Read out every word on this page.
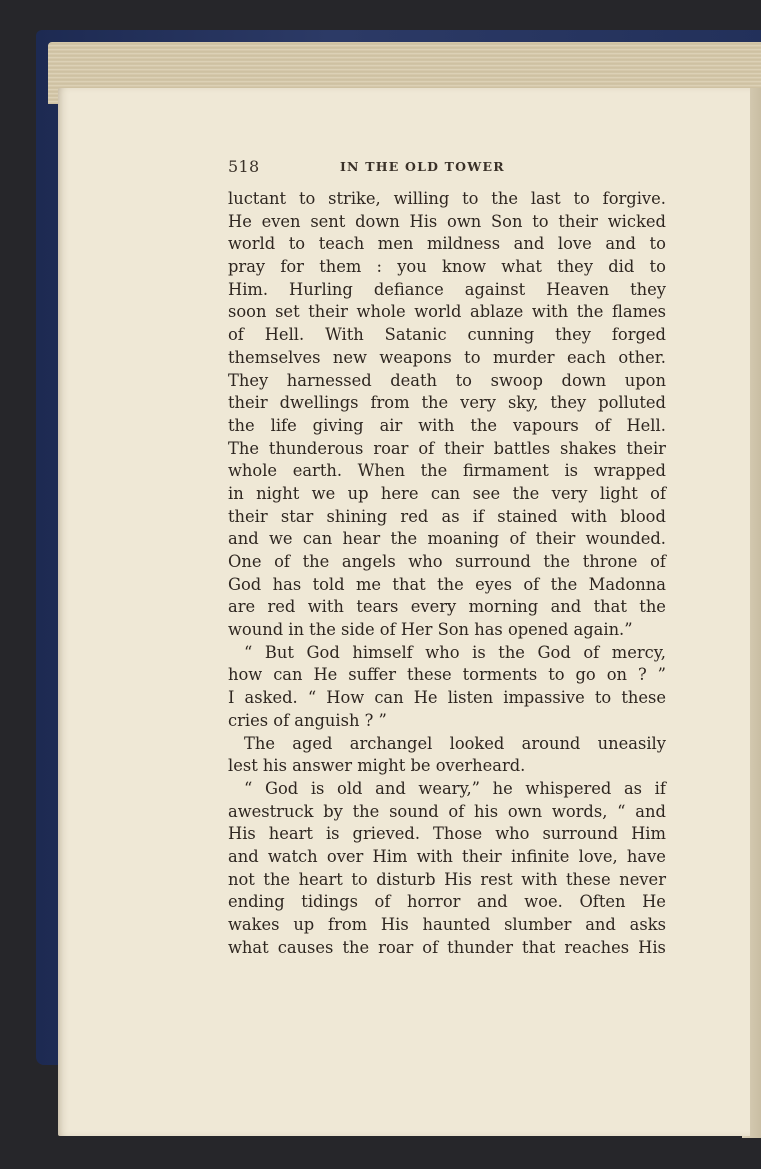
518	IN THE OLD TOWER
luctant to strike, willing to the last to forgive.
He even sent down His own Son to their wicked
world to teach men mildness and love and to
pray for them : you know what they did to
Him. Hurling defiance against Heaven they
soon set their whole world ablaze with the flames
of Hell. With Satanic cunning they forged
themselves new weapons to murder each other.
They harnessed death to swoop down upon
their dwellings from the very sky, they polluted
the life giving air with the vapours of Hell.
The thunderous roar of their battles shakes their
whole earth. When the firmament is wrapped
in night we up here can see the very light of
their star shining red as if stained with blood
and we can hear the moaning of their wounded.
One of the angels who surround the throne of
God has told me that the eyes of the Madonna
are red with tears every morning and that the
wound in the side of Her Son has opened again.”
“ But God himself who is the God of mercy,
how can He suffer these torments to go on ? ”
I asked. “ How can He listen impassive to these
cries of anguish ? ”
The aged archangel looked around uneasily
lest his answer might be overheard.
“ God is old and weary,” he whispered as if
awestruck by the sound of his own words, “ and
His heart is grieved. Those who surround Him
and watch over Him with their infinite love, have
not the heart to disturb His rest with these never
ending tidings of horror and woe. Often He
wakes up from His haunted slumber and asks
what causes the roar of thunder that reaches His
